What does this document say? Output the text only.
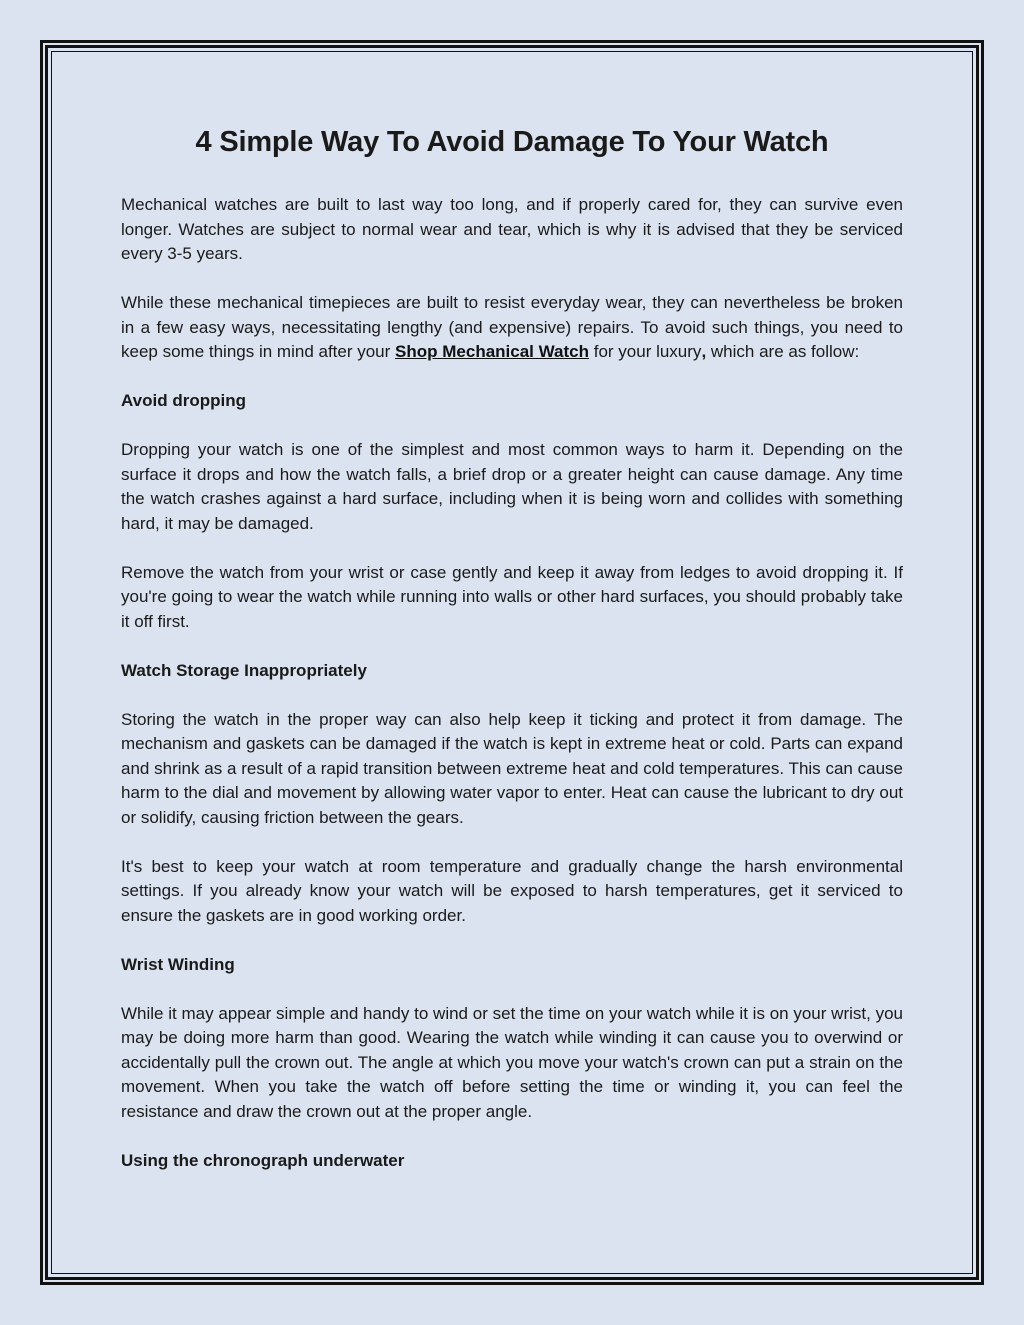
4 Simple Way To Avoid Damage To Your Watch

Mechanical watches are built to last way too long, and if properly cared for, they can survive even longer. Watches are subject to normal wear and tear, which is why it is advised that they be serviced every 3-5 years.

While these mechanical timepieces are built to resist everyday wear, they can nevertheless be broken in a few easy ways, necessitating lengthy (and expensive) repairs. To avoid such things, you need to keep some things in mind after your Shop Mechanical Watch for your luxury, which are as follow:

Avoid dropping

Dropping your watch is one of the simplest and most common ways to harm it. Depending on the surface it drops and how the watch falls, a brief drop or a greater height can cause damage. Any time the watch crashes against a hard surface, including when it is being worn and collides with something hard, it may be damaged.

Remove the watch from your wrist or case gently and keep it away from ledges to avoid dropping it. If you're going to wear the watch while running into walls or other hard surfaces, you should probably take it off first.

Watch Storage Inappropriately

Storing the watch in the proper way can also help keep it ticking and protect it from damage. The mechanism and gaskets can be damaged if the watch is kept in extreme heat or cold. Parts can expand and shrink as a result of a rapid transition between extreme heat and cold temperatures. This can cause harm to the dial and movement by allowing water vapor to enter. Heat can cause the lubricant to dry out or solidify, causing friction between the gears.

It's best to keep your watch at room temperature and gradually change the harsh environmental settings. If you already know your watch will be exposed to harsh temperatures, get it serviced to ensure the gaskets are in good working order.

Wrist Winding

While it may appear simple and handy to wind or set the time on your watch while it is on your wrist, you may be doing more harm than good. Wearing the watch while winding it can cause you to overwind or accidentally pull the crown out. The angle at which you move your watch's crown can put a strain on the movement. When you take the watch off before setting the time or winding it, you can feel the resistance and draw the crown out at the proper angle.

Using the chronograph underwater
